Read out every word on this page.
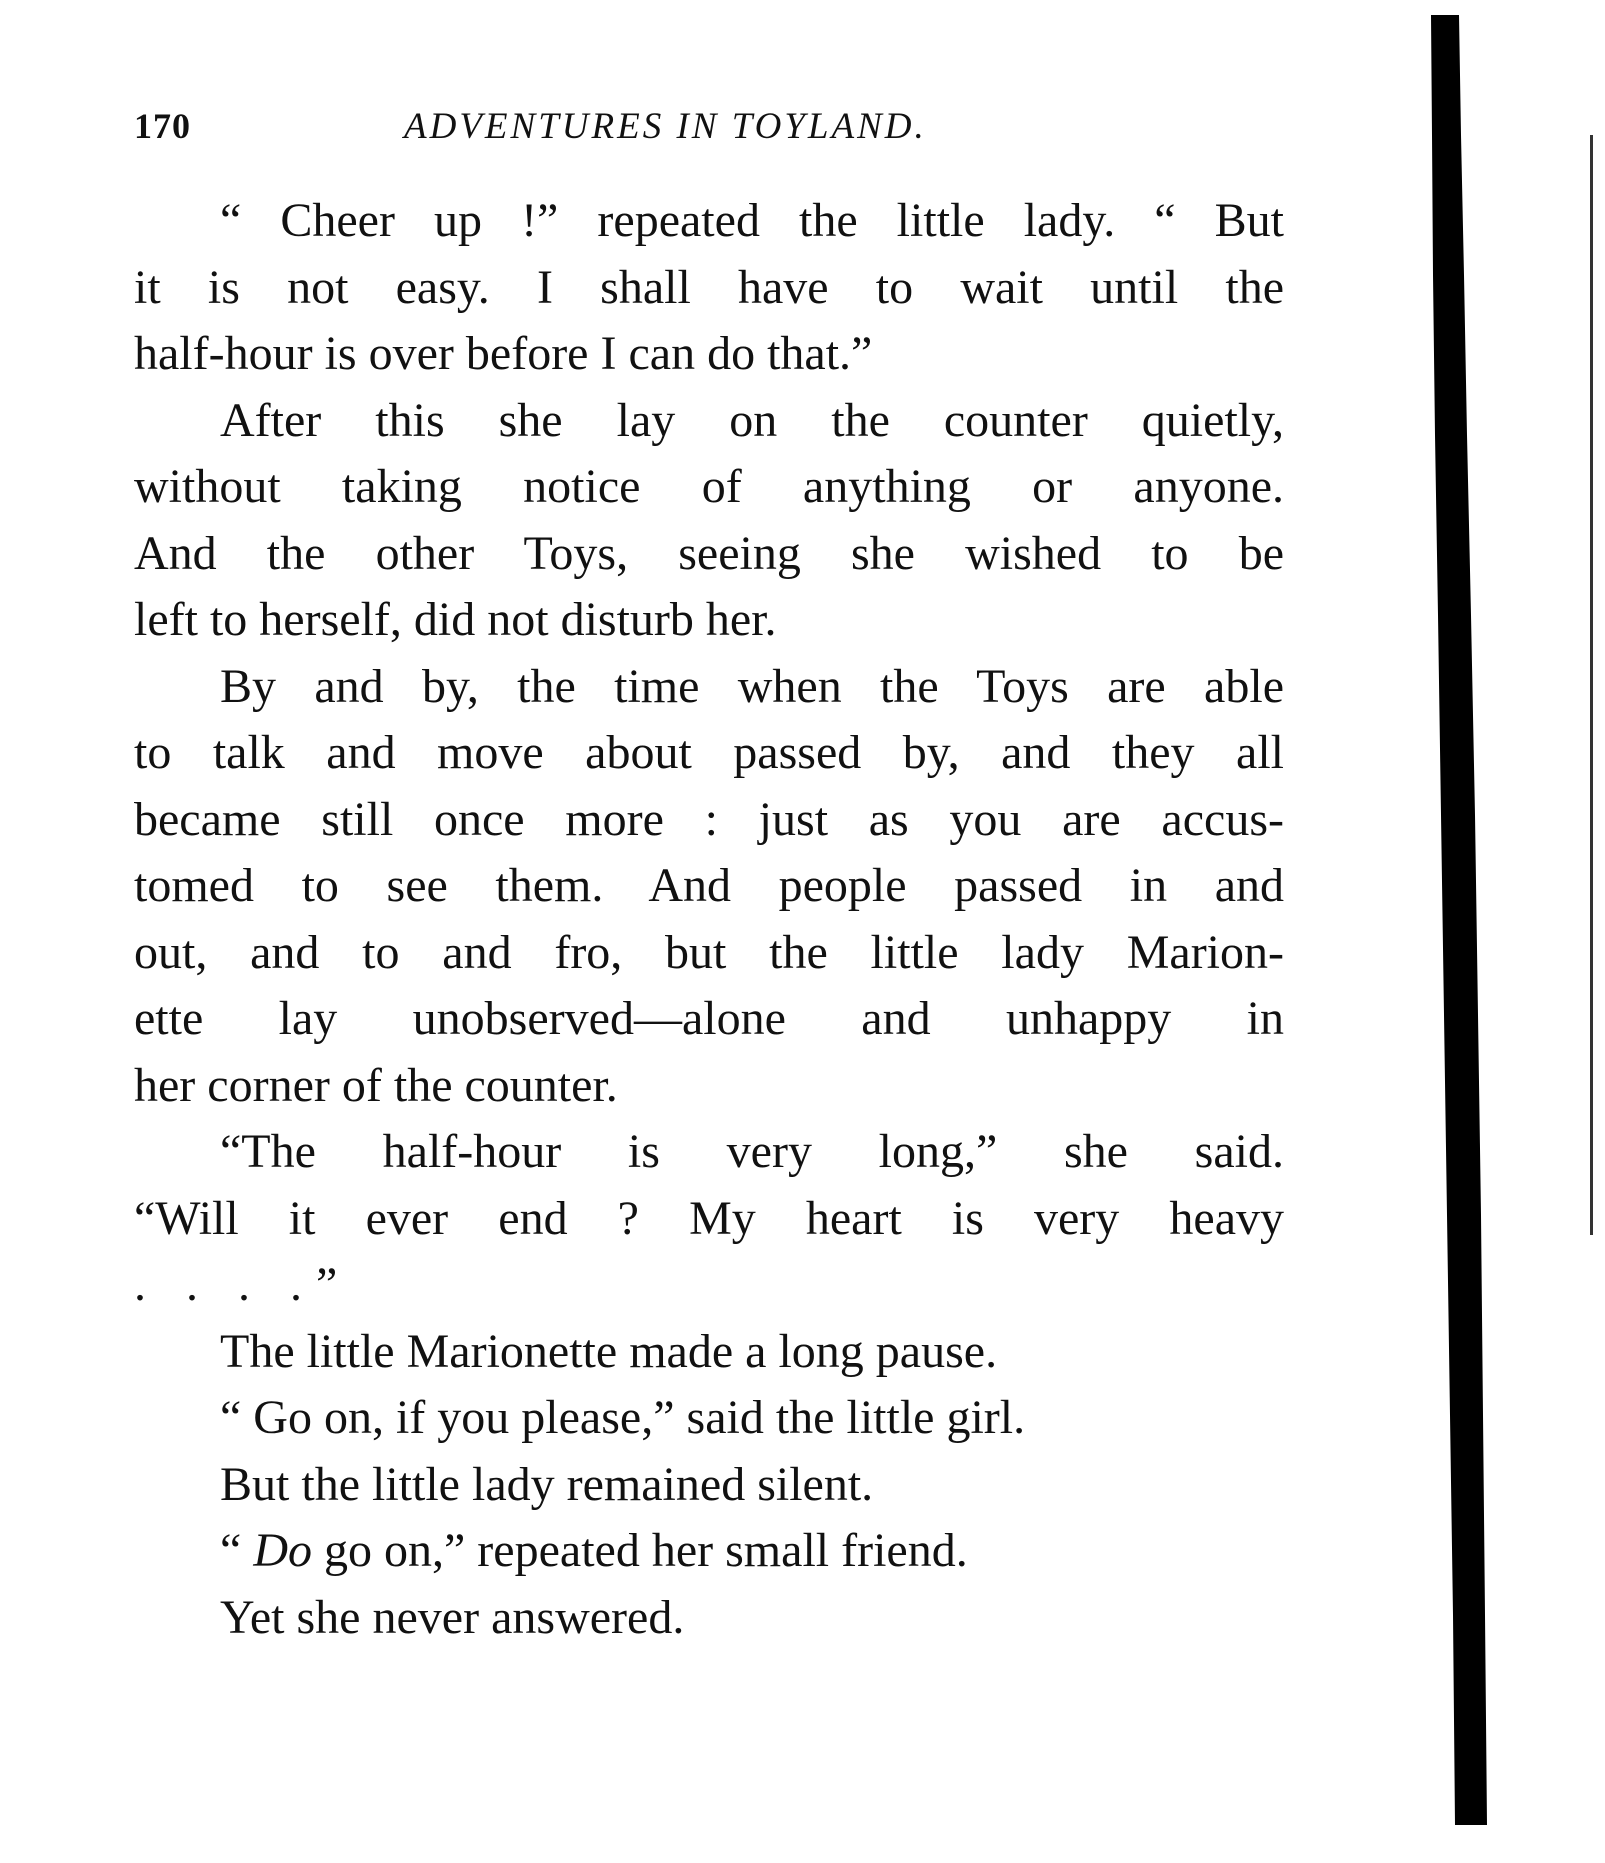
170	ADVENTURES IN TOYLAND.
“ Cheer up !” repeated the little lady. “ But
it is not easy. I shall have to wait until the
half-hour is over before I can do that.”
After this she lay on the counter quietly,
without taking notice of anything or anyone.
And the other Toys, seeing she wished to be
left to herself, did not disturb her.
By and by, the time when the Toys are able
to talk and move about passed by, and they all
became still once more : just as you are accus-
tomed to see them. And people passed in and
out, and to and fro, but the little lady Marion-
ette lay unobserved—alone and unhappy in
her corner of the counter.
“The half-hour is very long,” she said.
“Will it ever end ? My heart is very heavy
. . . .”
The little Marionette made a long pause.
“ Go on, if you please,” said the little girl.
But the little lady remained silent.
“ Do go on,” repeated her small friend.
Yet she never answered.
